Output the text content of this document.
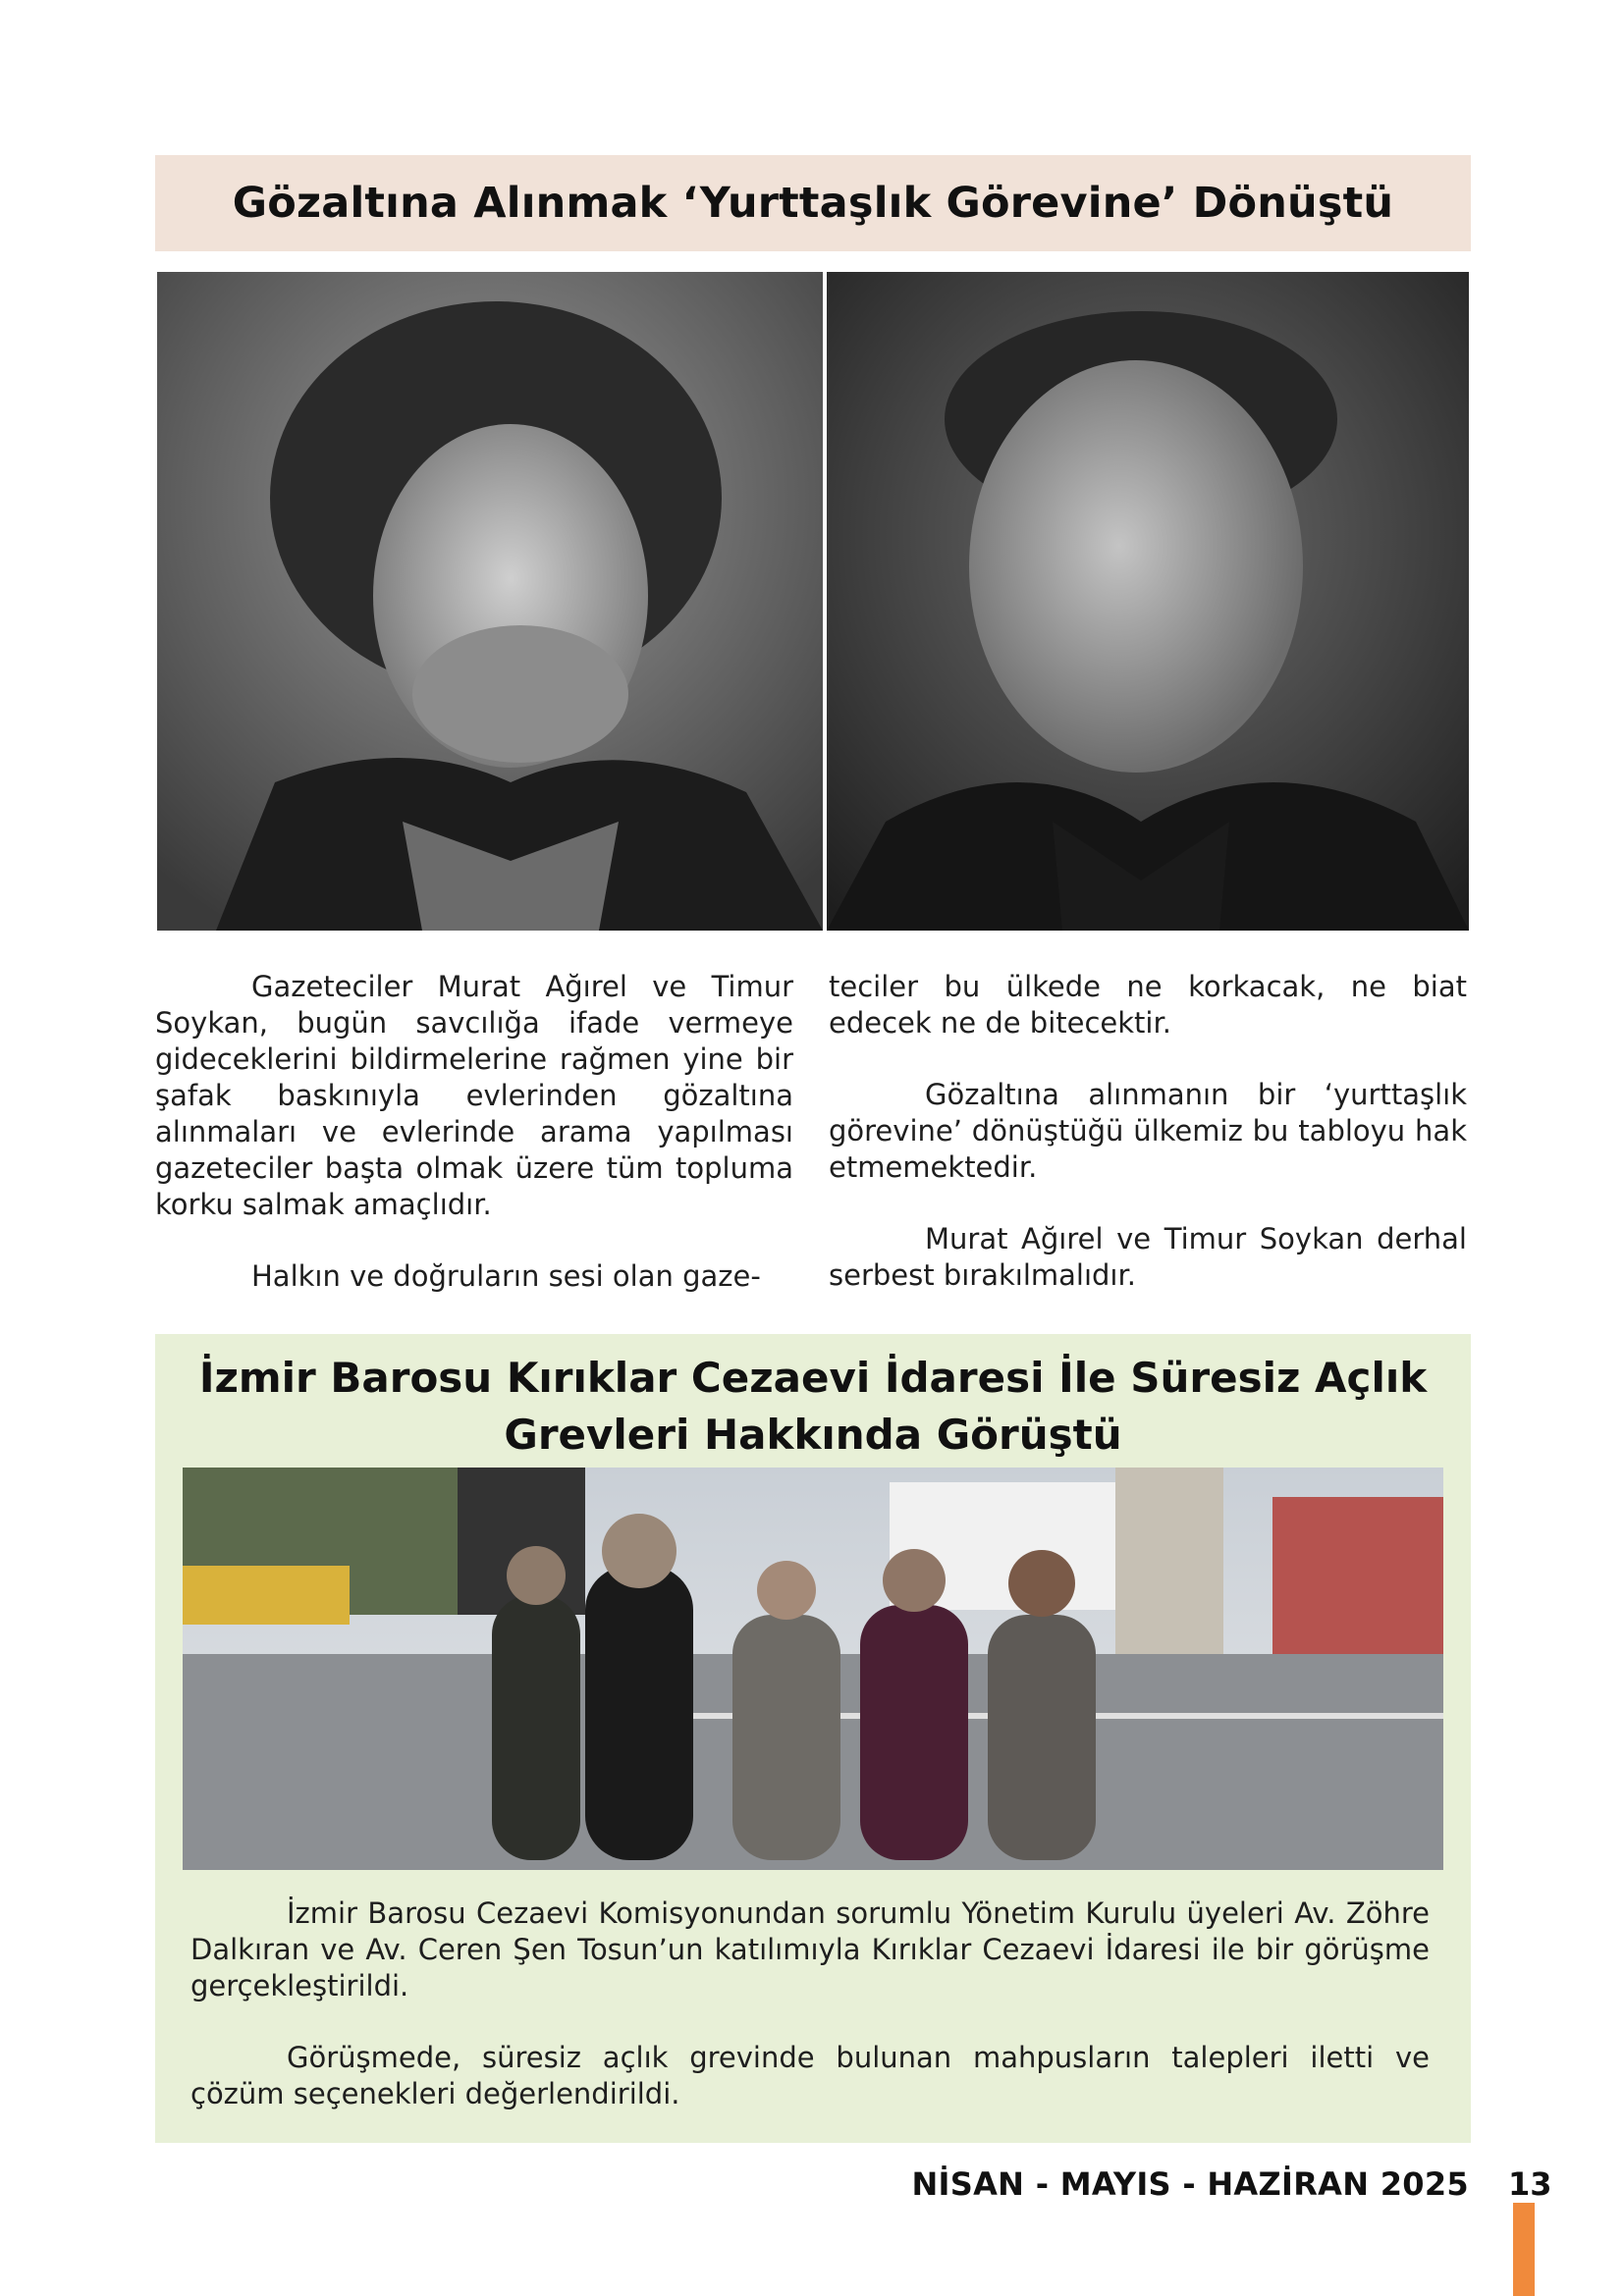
Gözaltına Alınmak ‘Yurttaşlık Görevine’ Dönüştü

Gazeteciler Murat Ağırel ve Timur Soykan, bugün savcılığa ifade vermeye gideceklerini bildirmelerine rağmen yine bir şafak baskınıyla evlerinden gözaltına alınmaları ve evlerinde arama yapılması gazeteciler başta olmak üzere tüm topluma korku salmak amaçlıdır.

Halkın ve doğruların sesi olan gaze-

teciler bu ülkede ne korkacak, ne biat edecek ne de bitecektir.

Gözaltına alınmanın bir ‘yurttaşlık görevine’ dönüştüğü ülkemiz bu tabloyu hak etmemektedir.

Murat Ağırel ve Timur Soykan derhal serbest bırakılmalıdır.

İzmir Barosu Kırıklar Cezaevi İdaresi İle Süresiz Açlık
Grevleri Hakkında Görüştü

İzmir Barosu Cezaevi Komisyonundan sorumlu Yönetim Kurulu üyeleri Av. Zöhre Dalkıran ve Av. Ceren Şen Tosun’un katılımıyla Kırıklar Cezaevi İdaresi ile bir görüşme gerçekleştirildi.

Görüşmede, süresiz açlık grevinde bulunan mahpusların talepleri iletti ve çözüm seçenekleri değerlendirildi.

NİSAN - MAYIS - HAZİRAN 2025 13
